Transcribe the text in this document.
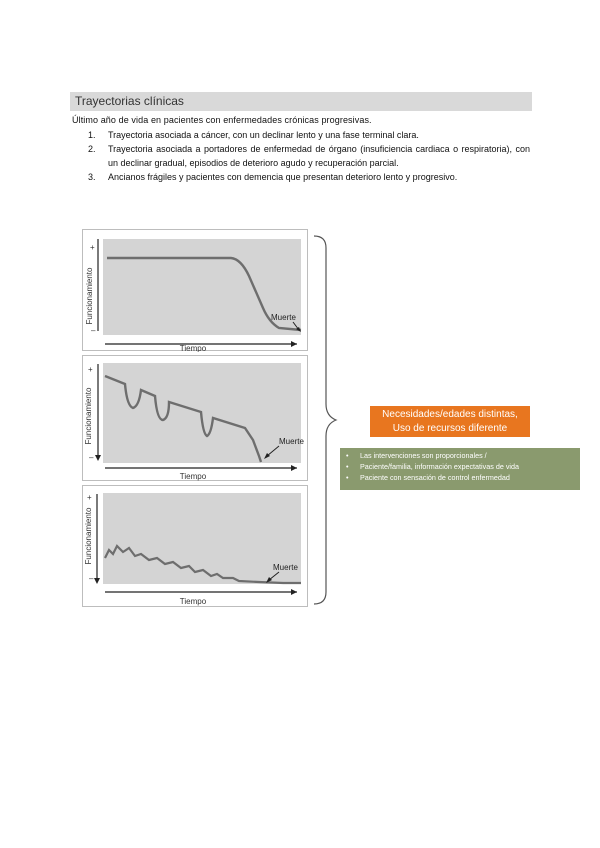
Trayectorias clínicas
Último año de vida en pacientes con enfermedades crónicas progresivas.
1.	Trayectoria asociada a cáncer, con un declinar lento y una fase terminal clara.
2.	Trayectoria asociada a portadores de enfermedad de órgano (insuficiencia cardiaca o respiratoria), con un declinar gradual, episodios de deterioro agudo y recuperación parcial.
3.	Ancianos frágiles y pacientes con demencia que presentan deterioro lento y progresivo.
Funcionamiento
+
–
Tiempo
Muerte
Funcionamiento
+
–
Tiempo
Muerte
Funcionamiento
+
–
Tiempo
Muerte
Necesidades/edades distintas,
Uso de recursos diferente
•	Las intervenciones son proporcionales /
•	Paciente/familia, información expectativas de vida
•	Paciente con sensación de control enfermedad
